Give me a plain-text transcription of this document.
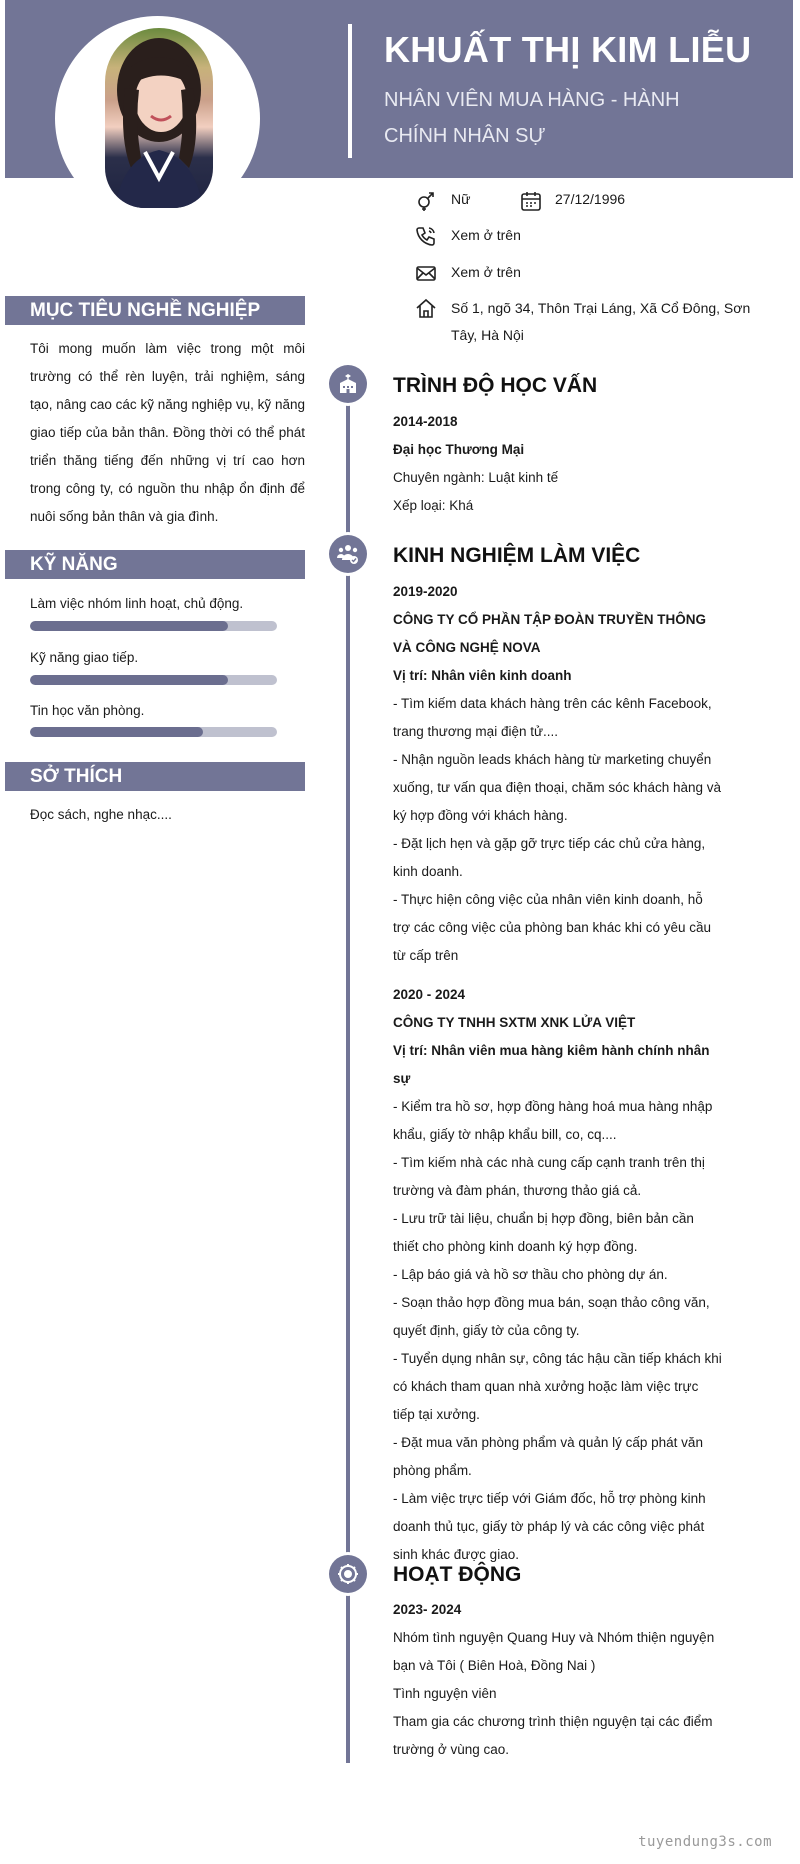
KHUẤT THỊ KIM LIỄU
NHÂN VIÊN MUA HÀNG - HÀNH CHÍNH NHÂN SỰ
Nữ	27/12/1996
Xem ở trên
Xem ở trên
Số 1, ngõ 34, Thôn Trại Láng, Xã Cổ Đông, Sơn Tây, Hà Nội
MỤC TIÊU NGHỀ NGHIỆP
Tôi mong muốn làm việc trong một môi trường có thể rèn luyện, trải nghiệm, sáng tạo, nâng cao các kỹ năng nghiệp vụ, kỹ năng giao tiếp của bản thân. Đồng thời có thể phát triển thăng tiếng đến những vị trí cao hơn trong công ty, có nguồn thu nhập ổn định để nuôi sống bản thân và gia đình.
KỸ NĂNG
Làm việc nhóm linh hoạt, chủ động.
Kỹ năng giao tiếp.
Tin học văn phòng.
SỞ THÍCH
Đọc sách, nghe nhạc....
TRÌNH ĐỘ HỌC VẤN
2014-2018
Đại học Thương Mại
Chuyên ngành: Luật kinh tế
Xếp loại: Khá
KINH NGHIỆM LÀM VIỆC
2019-2020
CÔNG TY CỔ PHẦN TẬP ĐOÀN TRUYỀN THÔNG VÀ CÔNG NGHỆ NOVA
Vị trí: Nhân viên kinh doanh
- Tìm kiếm data khách hàng trên các kênh Facebook, trang thương mại điện tử....
- Nhận nguồn leads khách hàng từ marketing chuyển xuống, tư vấn qua điện thoại, chăm sóc khách hàng và ký hợp đồng với khách hàng.
- Đặt lịch hẹn và gặp gỡ trực tiếp các chủ cửa hàng, kinh doanh.
- Thực hiện công việc của nhân viên kinh doanh, hỗ trợ các công việc của phòng ban khác khi có yêu cầu từ cấp trên
2020 - 2024
CÔNG TY TNHH SXTM XNK LỬA VIỆT
Vị trí: Nhân viên mua hàng kiêm hành chính nhân sự
- Kiểm tra hồ sơ, hợp đồng hàng hoá mua hàng nhập khẩu, giấy tờ nhập khẩu bill, co, cq....
- Tìm kiếm nhà các nhà cung cấp cạnh tranh trên thị trường và đàm phán, thương thảo giá cả.
- Lưu trữ tài liệu, chuẩn bị hợp đồng, biên bản cần thiết cho phòng kinh doanh ký hợp đồng.
- Lập báo giá và hồ sơ thầu cho phòng dự án.
- Soạn thảo hợp đồng mua bán, soạn thảo công văn, quyết định, giấy tờ của công ty.
- Tuyển dụng nhân sự, công tác hậu cần tiếp khách khi có khách tham quan nhà xưởng hoặc làm việc trực tiếp tại xưởng.
- Đặt mua văn phòng phẩm và quản lý cấp phát văn phòng phẩm.
- Làm việc trực tiếp với Giám đốc, hỗ trợ phòng kinh doanh thủ tục, giấy tờ pháp lý và các công việc phát sinh khác được giao.
HOẠT ĐỘNG
2023- 2024
Nhóm tình nguyện Quang Huy và Nhóm thiện nguyện bạn và Tôi ( Biên Hoà, Đồng Nai )
Tình nguyện viên
Tham gia các chương trình thiện nguyện tại các điểm trường ở vùng cao.
tuyendung3s.com
